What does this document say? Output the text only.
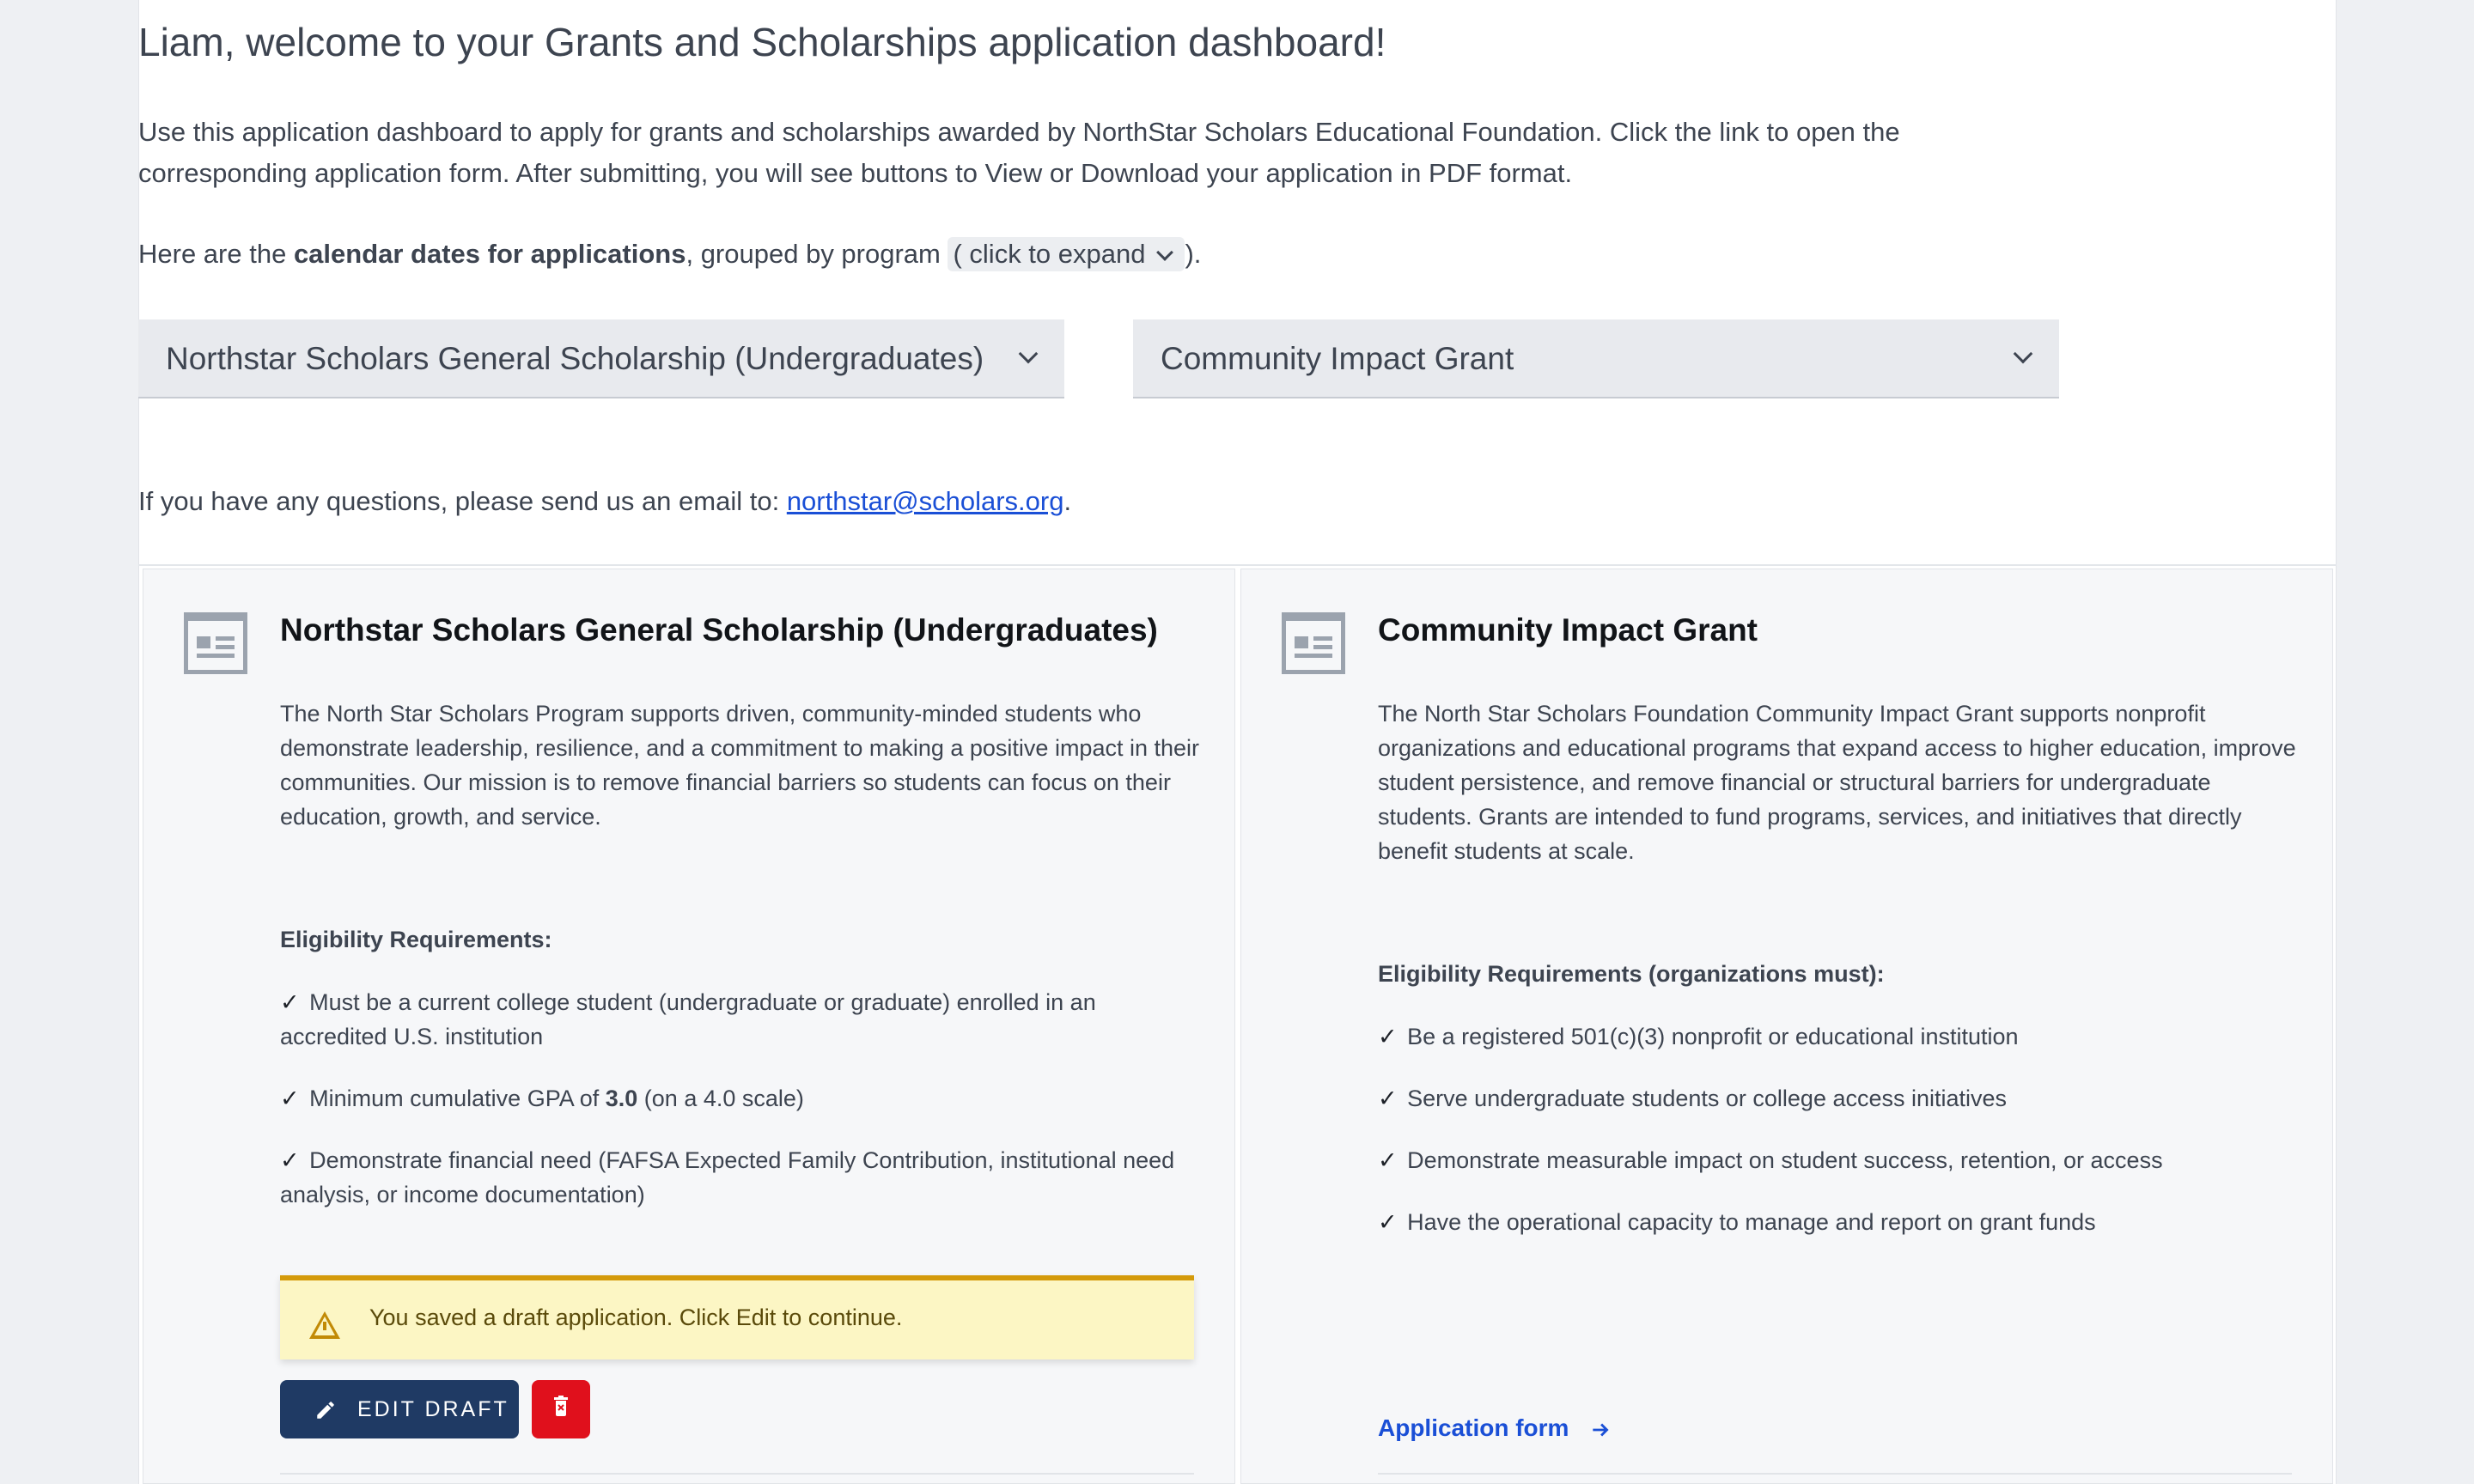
Liam, welcome to your Grants and Scholarships application dashboard!
Use this application dashboard to apply for grants and scholarships awarded by NorthStar Scholars Educational Foundation. Click the link to open the corresponding application form. After submitting, you will see buttons to View or Download your application in PDF format.
Here are the calendar dates for applications, grouped by program ( click to expand ).
Northstar Scholars General Scholarship (Undergraduates)	Community Impact Grant
If you have any questions, please send us an email to: northstar@scholars.org.
Northstar Scholars General Scholarship (Undergraduates)
The North Star Scholars Program supports driven, community-minded students who demonstrate leadership, resilience, and a commitment to making a positive impact in their communities. Our mission is to remove financial barriers so students can focus on their education, growth, and service.
Eligibility Requirements:
✓ Must be a current college student (undergraduate or graduate) enrolled in an accredited U.S. institution
✓ Minimum cumulative GPA of 3.0 (on a 4.0 scale)
✓ Demonstrate financial need (FAFSA Expected Family Contribution, institutional need analysis, or income documentation)
You saved a draft application. Click Edit to continue.
EDIT DRAFT
Community Impact Grant
The North Star Scholars Foundation Community Impact Grant supports nonprofit organizations and educational programs that expand access to higher education, improve student persistence, and remove financial or structural barriers for undergraduate students. Grants are intended to fund programs, services, and initiatives that directly benefit students at scale.
Eligibility Requirements (organizations must):
✓ Be a registered 501(c)(3) nonprofit or educational institution
✓ Serve undergraduate students or college access initiatives
✓ Demonstrate measurable impact on student success, retention, or access
✓ Have the operational capacity to manage and report on grant funds
Application form
